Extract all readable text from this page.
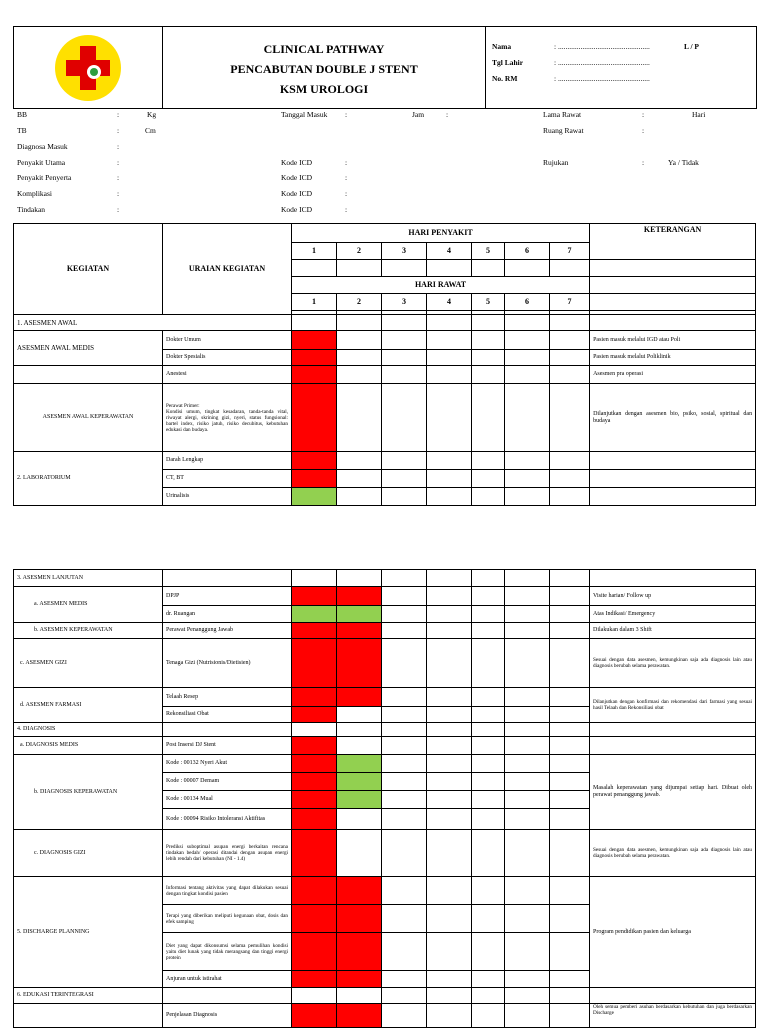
CLINICAL PATHWAY
PENCABUTAN DOUBLE J STENT
KSM UROLOGI
Nama	: .................................................	L / P
Tgl Lahir	: .................................................
No. RM	: .................................................
BB	:	Kg
TB	:	Cm
Diagnosa Masuk	:
Penyakit Utama	:
Penyakit Penyerta	:
Komplikasi	:
Tindakan	:
Tanggal Masuk :	Jam	:
Kode ICD	:
Kode ICD	:
Kode ICD	:
Kode ICD	:
Lama Rawat	:	Hari
Ruang Rawat	:
Rujukan	:	Ya / Tidak
KEGIATAN	URAIAN KEGIATAN	HARI PENYAKIT							KETERANGAN
		1	2	3	4	5	6	7	

		HARI RAWAT							
		1	2	3	4	5	6	7	

1. ASESMEN AWAL									
ASESMEN AWAL MEDIS	Dokter Umum								Pasien masuk melalui IGD atau Poli
	Dokter Spesialis								Pasien masuk melalui Poliklinik
	Anestesi								Asesmen pra operasi
ASESMEN AWAL KEPERAWATAN	Perawat Primer:
Kondisi umum, tingkat kesadaran, tanda-tanda vital, riwayat alergi, skrining gizi, nyeri, status fungsional: bartel index, risiko jatuh, risiko decubitus, kebutuhan edukasi dan budaya.								Dilanjutkan dengan asesmen bio, psiko, sosial, spiritual dan budaya
2. LABORATORIUM	Darah Lengkap								
	CT, BT								
	Urinalisis								
3. ASESMEN LANJUTAN									
a. ASESMEN MEDIS	DPJP								Visite harian/ Follow up
	dr. Ruangan								Atas Indikasi/ Emergency
b. ASESMEN KEPERAWATAN	Perawat Penanggung Jawab								Dilakukan dalam 3 Shift
c. ASESMEN GIZI	Tenaga Gizi (Nutrisionis/Dietisien)								Sesuai dengan data asesmen, kemungkinan saja ada diagnosis lain atau diagnosis berubah selama perawatan.
d. ASESMEN FARMASI	Telaah Resep								Dilanjutkan dengan konfirmasi dan rekomendasi dari farmasi yang sesuai hasil Telaah dan Rekonsiliasi obat
	Rekonsiliasi Obat								
4. DIAGNOSIS									
a. DIAGNOSIS MEDIS	Post Insersi DJ Stent								
b. DIAGNOSIS KEPERAWATAN	Kode : 00132 Nyeri Akut								Masalah keperawatan yang dijumpai setiap hari. Dibuat oleh perawat penanggung jawab.
	Kode : 00007 Demam								
	Kode : 00134 Mual								
	Kode : 00094 Risiko Intoleransi Aktifitas								
c. DIAGNOSIS GIZI	Prediksi suboptimal asupan energi berkaitan rencana tindakan bedah/ operasi ditandai dengan asupan energi lebih rendah dari kebutuhan (NI - 1.4)								Sesuai dengan data asesmen, kemungkinan saja ada diagnosis lain atau diagnosis berubah selama perawatan.
5. DISCHARGE PLANNING	Informasi tentang aktivitas yang dapat dilakukan sesuai dengan tingkat kondisi pasien								Program pendidikan pasien dan keluarga
	Terapi yang diberikan meliputi kegunaan obat, dosis dan efek samping								
	Diet yang dapat dikonsumsi selama pemulihan kondisi yaitu diet lunak yang tidak merangsang dan tinggi energi protein								
	Anjuran untuk istirahat								
6. EDUKASI TERINTEGRASI									
	Penjelasan Diagnosis								Oleh semua pemberi asuhan berdasarkan kebutuhan dan juga berdasarkan Discharge
